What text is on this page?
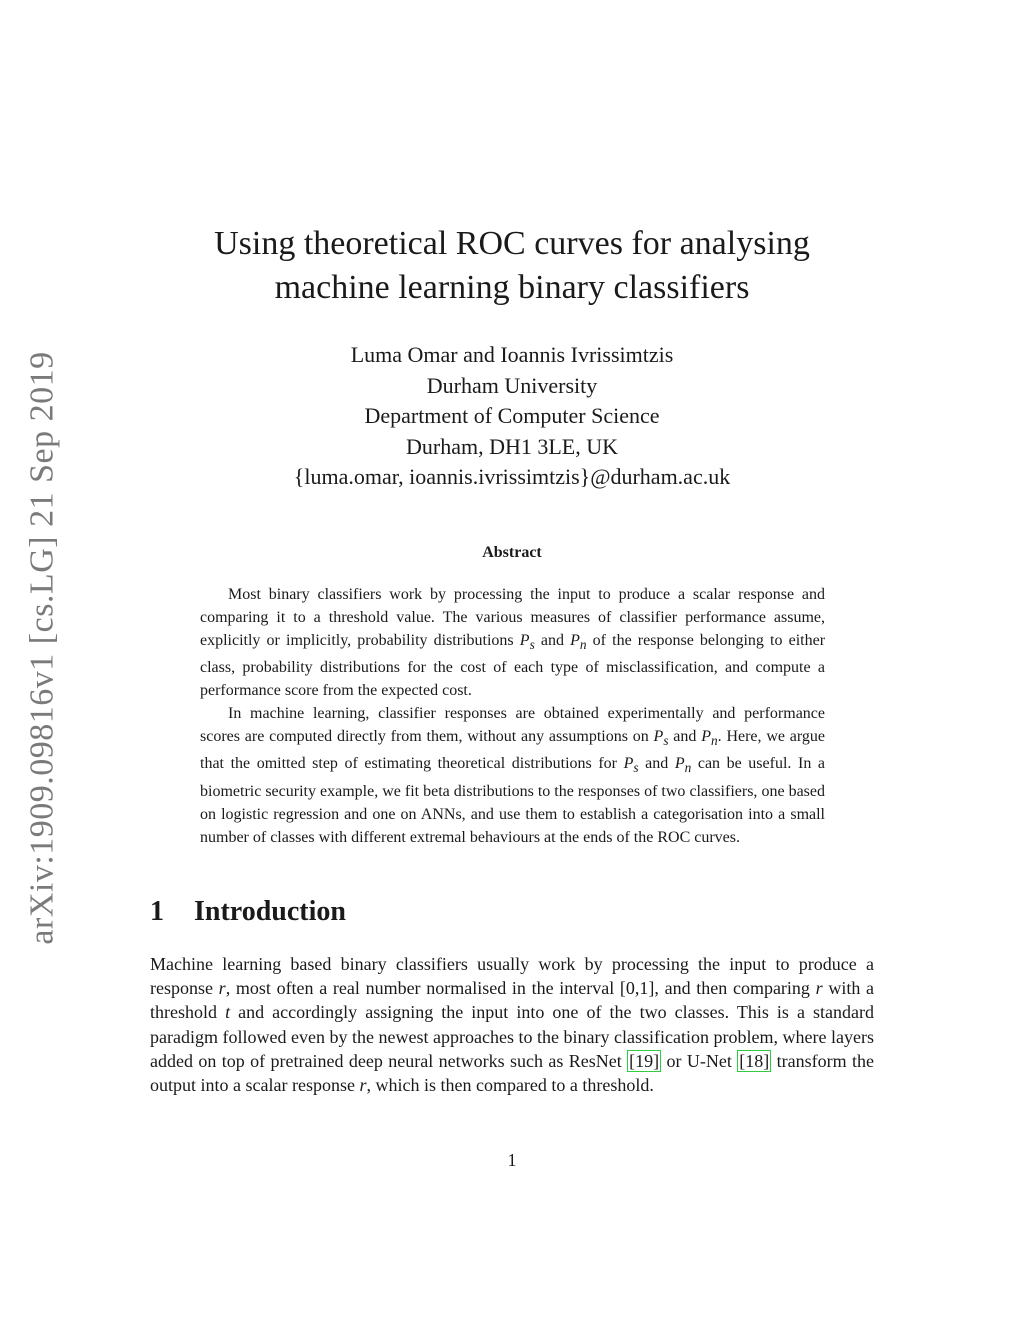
arXiv:1909.09816v1 [cs.LG] 21 Sep 2019
Using theoretical ROC curves for analysing
machine learning binary classifiers
Luma Omar and Ioannis Ivrissimtzis
Durham University
Department of Computer Science
Durham, DH1 3LE, UK
{luma.omar, ioannis.ivrissimtzis}@durham.ac.uk
Abstract

Most binary classifiers work by processing the input to produce a scalar response and comparing it to a threshold value. The various measures of classifier performance assume, explicitly or implicitly, probability distributions $P_s$ and $P_n$ of the response belonging to either class, probability distributions for the cost of each type of misclassification, and compute a performance score from the expected cost.

In machine learning, classifier responses are obtained experimentally and performance scores are computed directly from them, without any assumptions on $P_s$ and $P_n$. Here, we argue that the omitted step of estimating theoretical distributions for $P_s$ and $P_n$ can be useful. In a biometric security example, we fit beta distributions to the responses of two classifiers, one based on logistic regression and one on ANNs, and use them to establish a categorisation into a small number of classes with different extremal behaviours at the ends of the ROC curves.

1 Introduction

Machine learning based binary classifiers usually work by processing the input to produce a response r, most often a real number normalised in the interval [0,1], and then comparing r with a threshold t and accordingly assigning the input into one of the two classes. This is a standard paradigm followed even by the newest approaches to the binary classification problem, where layers added on top of pretrained deep neural networks such as ResNet [19] or U-Net [18] transform the output into a scalar response r, which is then compared to a threshold.

1
